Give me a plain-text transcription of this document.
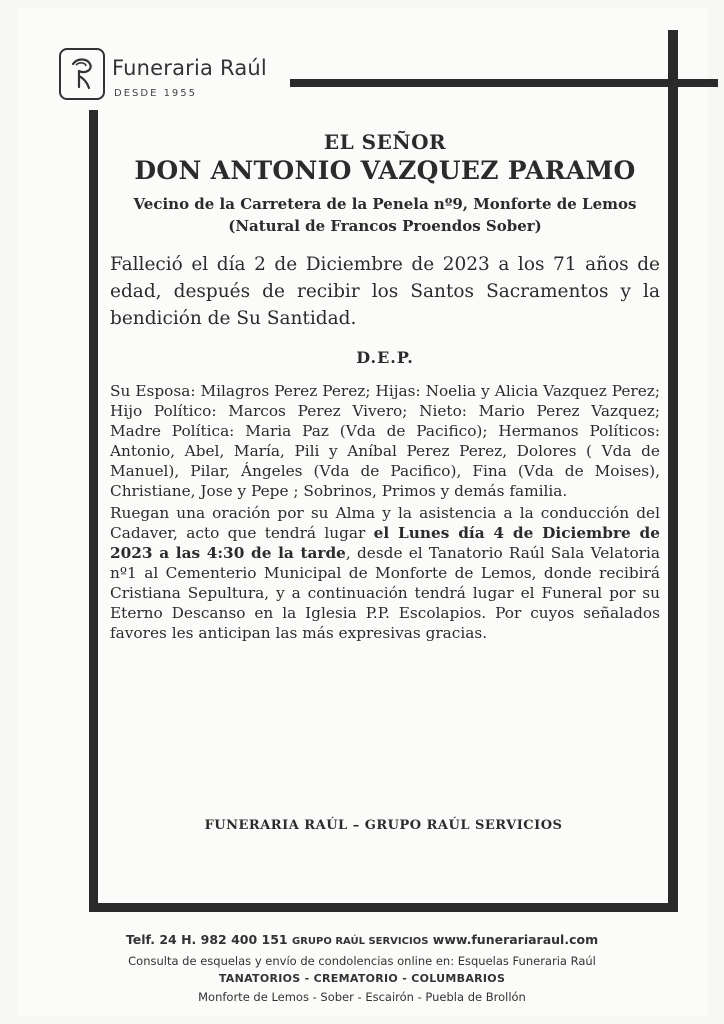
Funeraria Raúl
DESDE 1955
EL SEÑOR
DON ANTONIO VAZQUEZ PARAMO
Vecino de la Carretera de la Penela nº9, Monforte de Lemos (Natural de Francos Proendos Sober)
Falleció el día 2 de Diciembre de 2023 a los 71 años de edad, después de recibir los Santos Sacramentos y la bendición de Su Santidad.
D.E.P.
Su Esposa: Milagros Perez Perez; Hijas: Noelia y Alicia Vazquez Perez; Hijo Político: Marcos Perez Vivero; Nieto: Mario Perez Vazquez; Madre Política: Maria Paz (Vda de Pacifico); Hermanos Políticos: Antonio, Abel, María, Pili y Aníbal Perez Perez, Dolores ( Vda de Manuel), Pilar, Ángeles (Vda de Pacifico), Fina (Vda de Moises), Christiane, Jose y Pepe ; Sobrinos, Primos y demás familia.
Ruegan una oración por su Alma y la asistencia a la conducción del Cadaver, acto que tendrá lugar el Lunes día 4 de Diciembre de 2023 a las 4:30 de la tarde, desde el Tanatorio Raúl Sala Velatoria nº1 al Cementerio Municipal de Monforte de Lemos, donde recibirá Cristiana Sepultura, y a continuación tendrá lugar el Funeral por su Eterno Descanso en la Iglesia P.P. Escolapios. Por cuyos señalados favores les anticipan las más expresivas gracias.
FUNERARIA RAÚL – GRUPO RAÚL SERVICIOS
Telf. 24 H. 982 400 151 GRUPO RAÚL SERVICIOS www.funerariaraul.com
Consulta de esquelas y envío de condolencias online en: Esquelas Funeraria Raúl
TANATORIOS - CREMATORIO - COLUMBARIOS
Monforte de Lemos - Sober - Escairón - Puebla de Brollón
